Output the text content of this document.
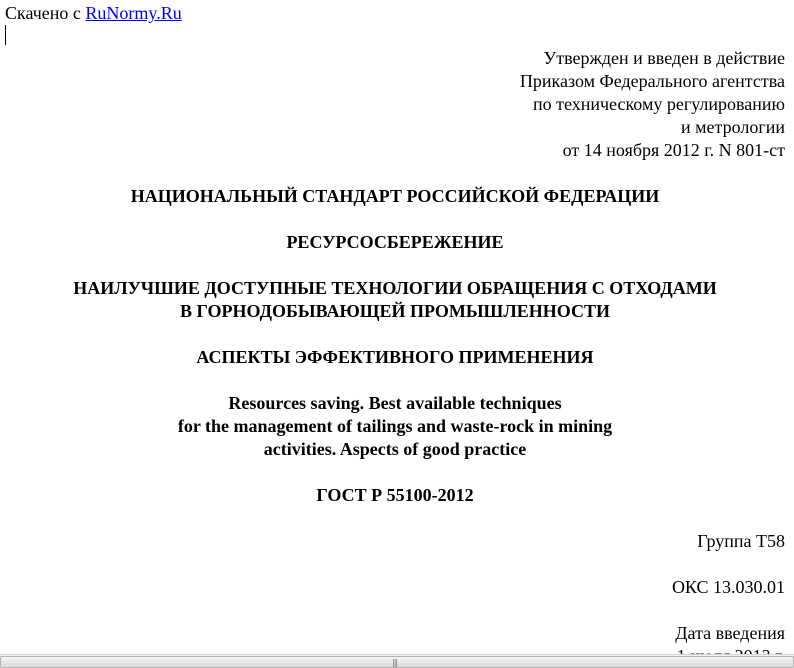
Скачено с RuNormy.Ru
Утвержден и введен в действие
Приказом Федерального агентства
по техническому регулированию
и метрологии
от 14 ноября 2012 г. N 801-ст
НАЦИОНАЛЬНЫЙ СТАНДАРТ РОССИЙСКОЙ ФЕДЕРАЦИИ
РЕСУРСОСБЕРЕЖЕНИЕ
НАИЛУЧШИЕ ДОСТУПНЫЕ ТЕХНОЛОГИИ ОБРАЩЕНИЯ С ОТХОДАМИ
В ГОРНОДОБЫВАЮЩЕЙ ПРОМЫШЛЕННОСТИ
АСПЕКТЫ ЭФФЕКТИВНОГО ПРИМЕНЕНИЯ
Resources saving. Best available techniques
for the management of tailings and waste-rock in mining
activities. Aspects of good practice
ГОСТ Р 55100-2012
Группа Т58
ОКС 13.030.01
Дата введения
|||
